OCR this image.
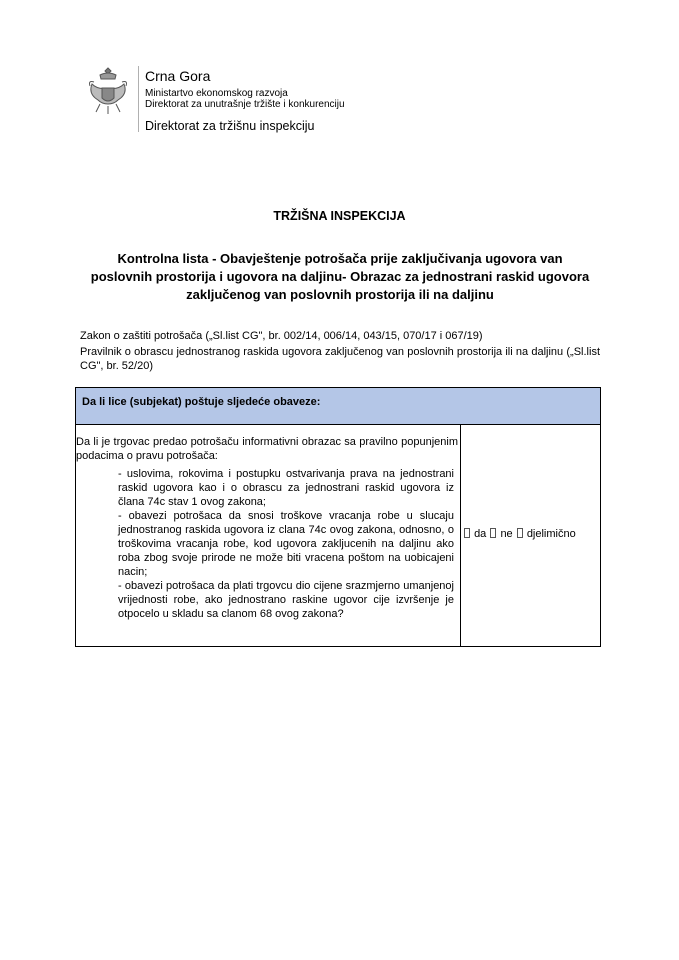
Crna Gora
Ministartvo ekonomskog razvoja
Direktorat za unutrašnje tržište i konkurenciju
Direktorat za tržišnu inspekciju
TRŽIŠNA INSPEKCIJA
Kontrolna lista - Obavještenje potrošača prije zaključivanja ugovora van poslovnih prostorija i ugovora na daljinu- Obrazac za jednostrani raskid ugovora zaključenog van poslovnih prostorija ili na daljinu

Zakon o zaštiti potrošača („Sl.list CG", br. 002/14, 006/14, 043/15, 070/17 i 067/19)

Pravilnik o obrascu jednostranog raskida ugovora zaključenog van poslovnih prostorija ili na daljinu („Sl.list CG", br. 52/20)

Da li lice (subjekat) poštuje sljedeće obaveze:

Da li je trgovac predao potrošaču informativni obrazac sa pravilno popunjenim podacima o pravu potrošača:
- uslovima, rokovima i postupku ostvarivanja prava na jednostrani raskid ugovora kao i o obrascu za jednostrani raskid ugovora iz člana 74c stav 1 ovog zakona;
- obavezi potrošaca da snosi troškove vracanja robe u slucaju jednostranog raskida ugovora iz clana 74c ovog zakona, odnosno, o troškovima vracanja robe, kod ugovora zakljucenih na daljinu ako roba zbog svoje prirode ne može biti vracena poštom na uobicajeni nacin;
- obavezi potrošaca da plati trgovcu dio cijene srazmjerno umanjenoj vrijednosti robe, ako jednostrano raskine ugovor cije izvršenje je otpocelo u skladu sa clanom 68 ovog zakona?
	da ne djelimično
